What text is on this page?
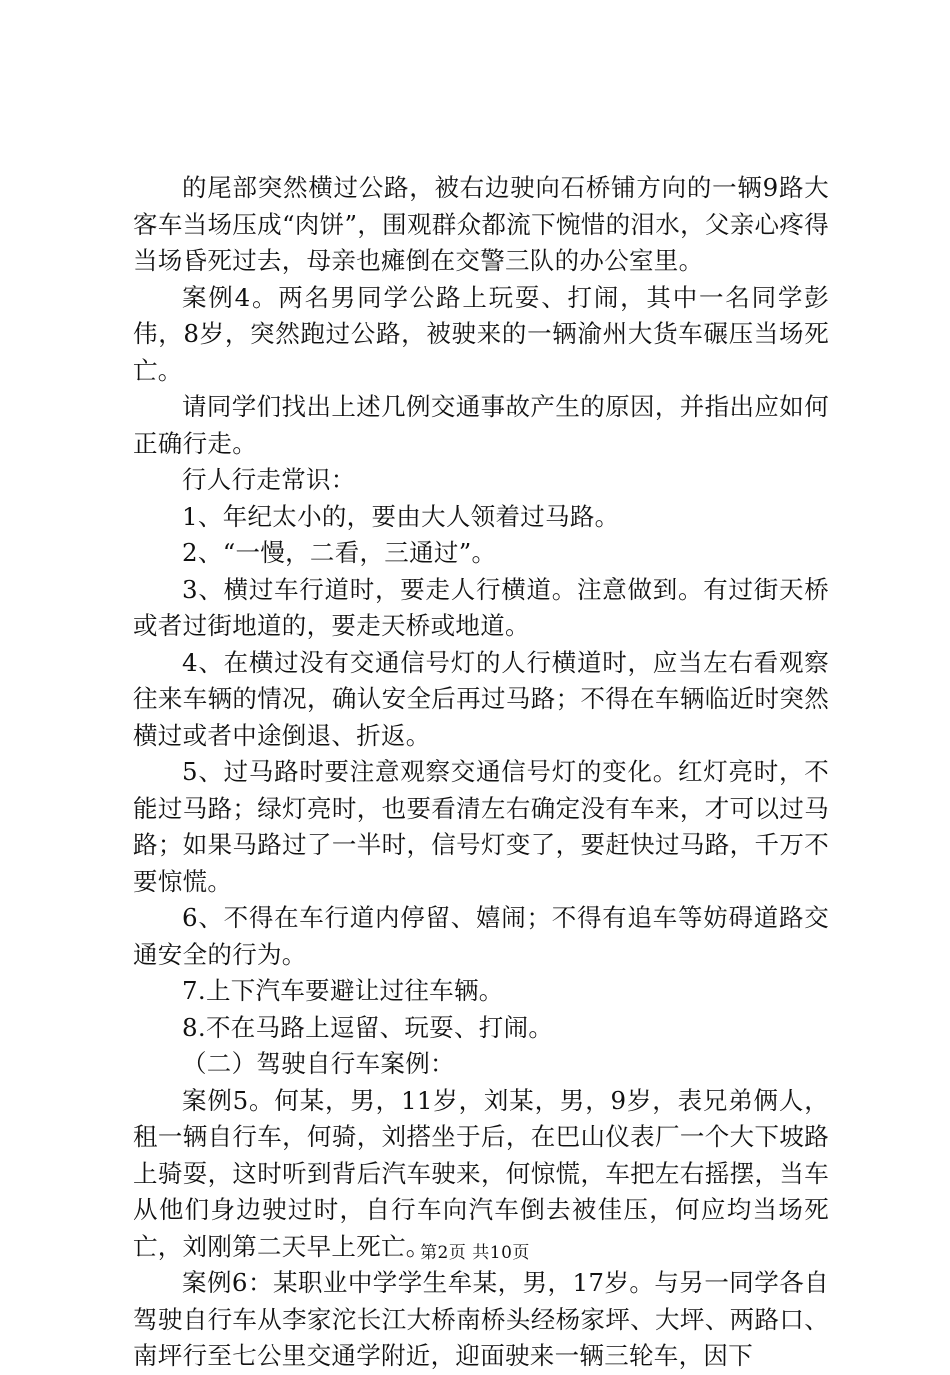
的尾部突然横过公路，被右边驶向石桥铺方向的一辆9路大客车当场压成“肉饼”，围观群众都流下惋惜的泪水，父亲心疼得当场昏死过去，母亲也瘫倒在交警三队的办公室里。

案例4。两名男同学公路上玩耍、打闹，其中一名同学彭伟，8岁，突然跑过公路，被驶来的一辆渝州大货车碾压当场死亡。

请同学们找出上述几例交通事故产生的原因，并指出应如何正确行走。

行人行走常识：

1、年纪太小的，要由大人领着过马路。

2、“一慢，二看，三通过”。

3、横过车行道时，要走人行横道。注意做到。有过街天桥或者过街地道的，要走天桥或地道。

4、在横过没有交通信号灯的人行横道时，应当左右看观察往来车辆的情况，确认安全后再过马路；不得在车辆临近时突然横过或者中途倒退、折返。

5、过马路时要注意观察交通信号灯的变化。红灯亮时，不能过马路；绿灯亮时，也要看清左右确定没有车来，才可以过马路；如果马路过了一半时，信号灯变了，要赶快过马路，千万不要惊慌。

6、不得在车行道内停留、嬉闹；不得有追车等妨碍道路交通安全的行为。

7.上下汽车要避让过往车辆。

8.不在马路上逗留、玩耍、打闹。

（二）驾驶自行车案例：

案例5。何某，男，11岁，刘某，男，9岁，表兄弟俩人，租一辆自行车，何骑，刘搭坐于后，在巴山仪表厂一个大下坡路上骑耍，这时听到背后汽车驶来，何惊慌，车把左右摇摆，当车从他们身边驶过时，自行车向汽车倒去被佳压，何应均当场死亡，刘刚第二天早上死亡。

案例6：某职业中学学生牟某，男，17岁。与另一同学各自驾驶自行车从李家沱长江大桥南桥头经杨家坪、大坪、两路口、南坪行至七公里交通学附近，迎面驶来一辆三轮车，因下

第2页 共10页
